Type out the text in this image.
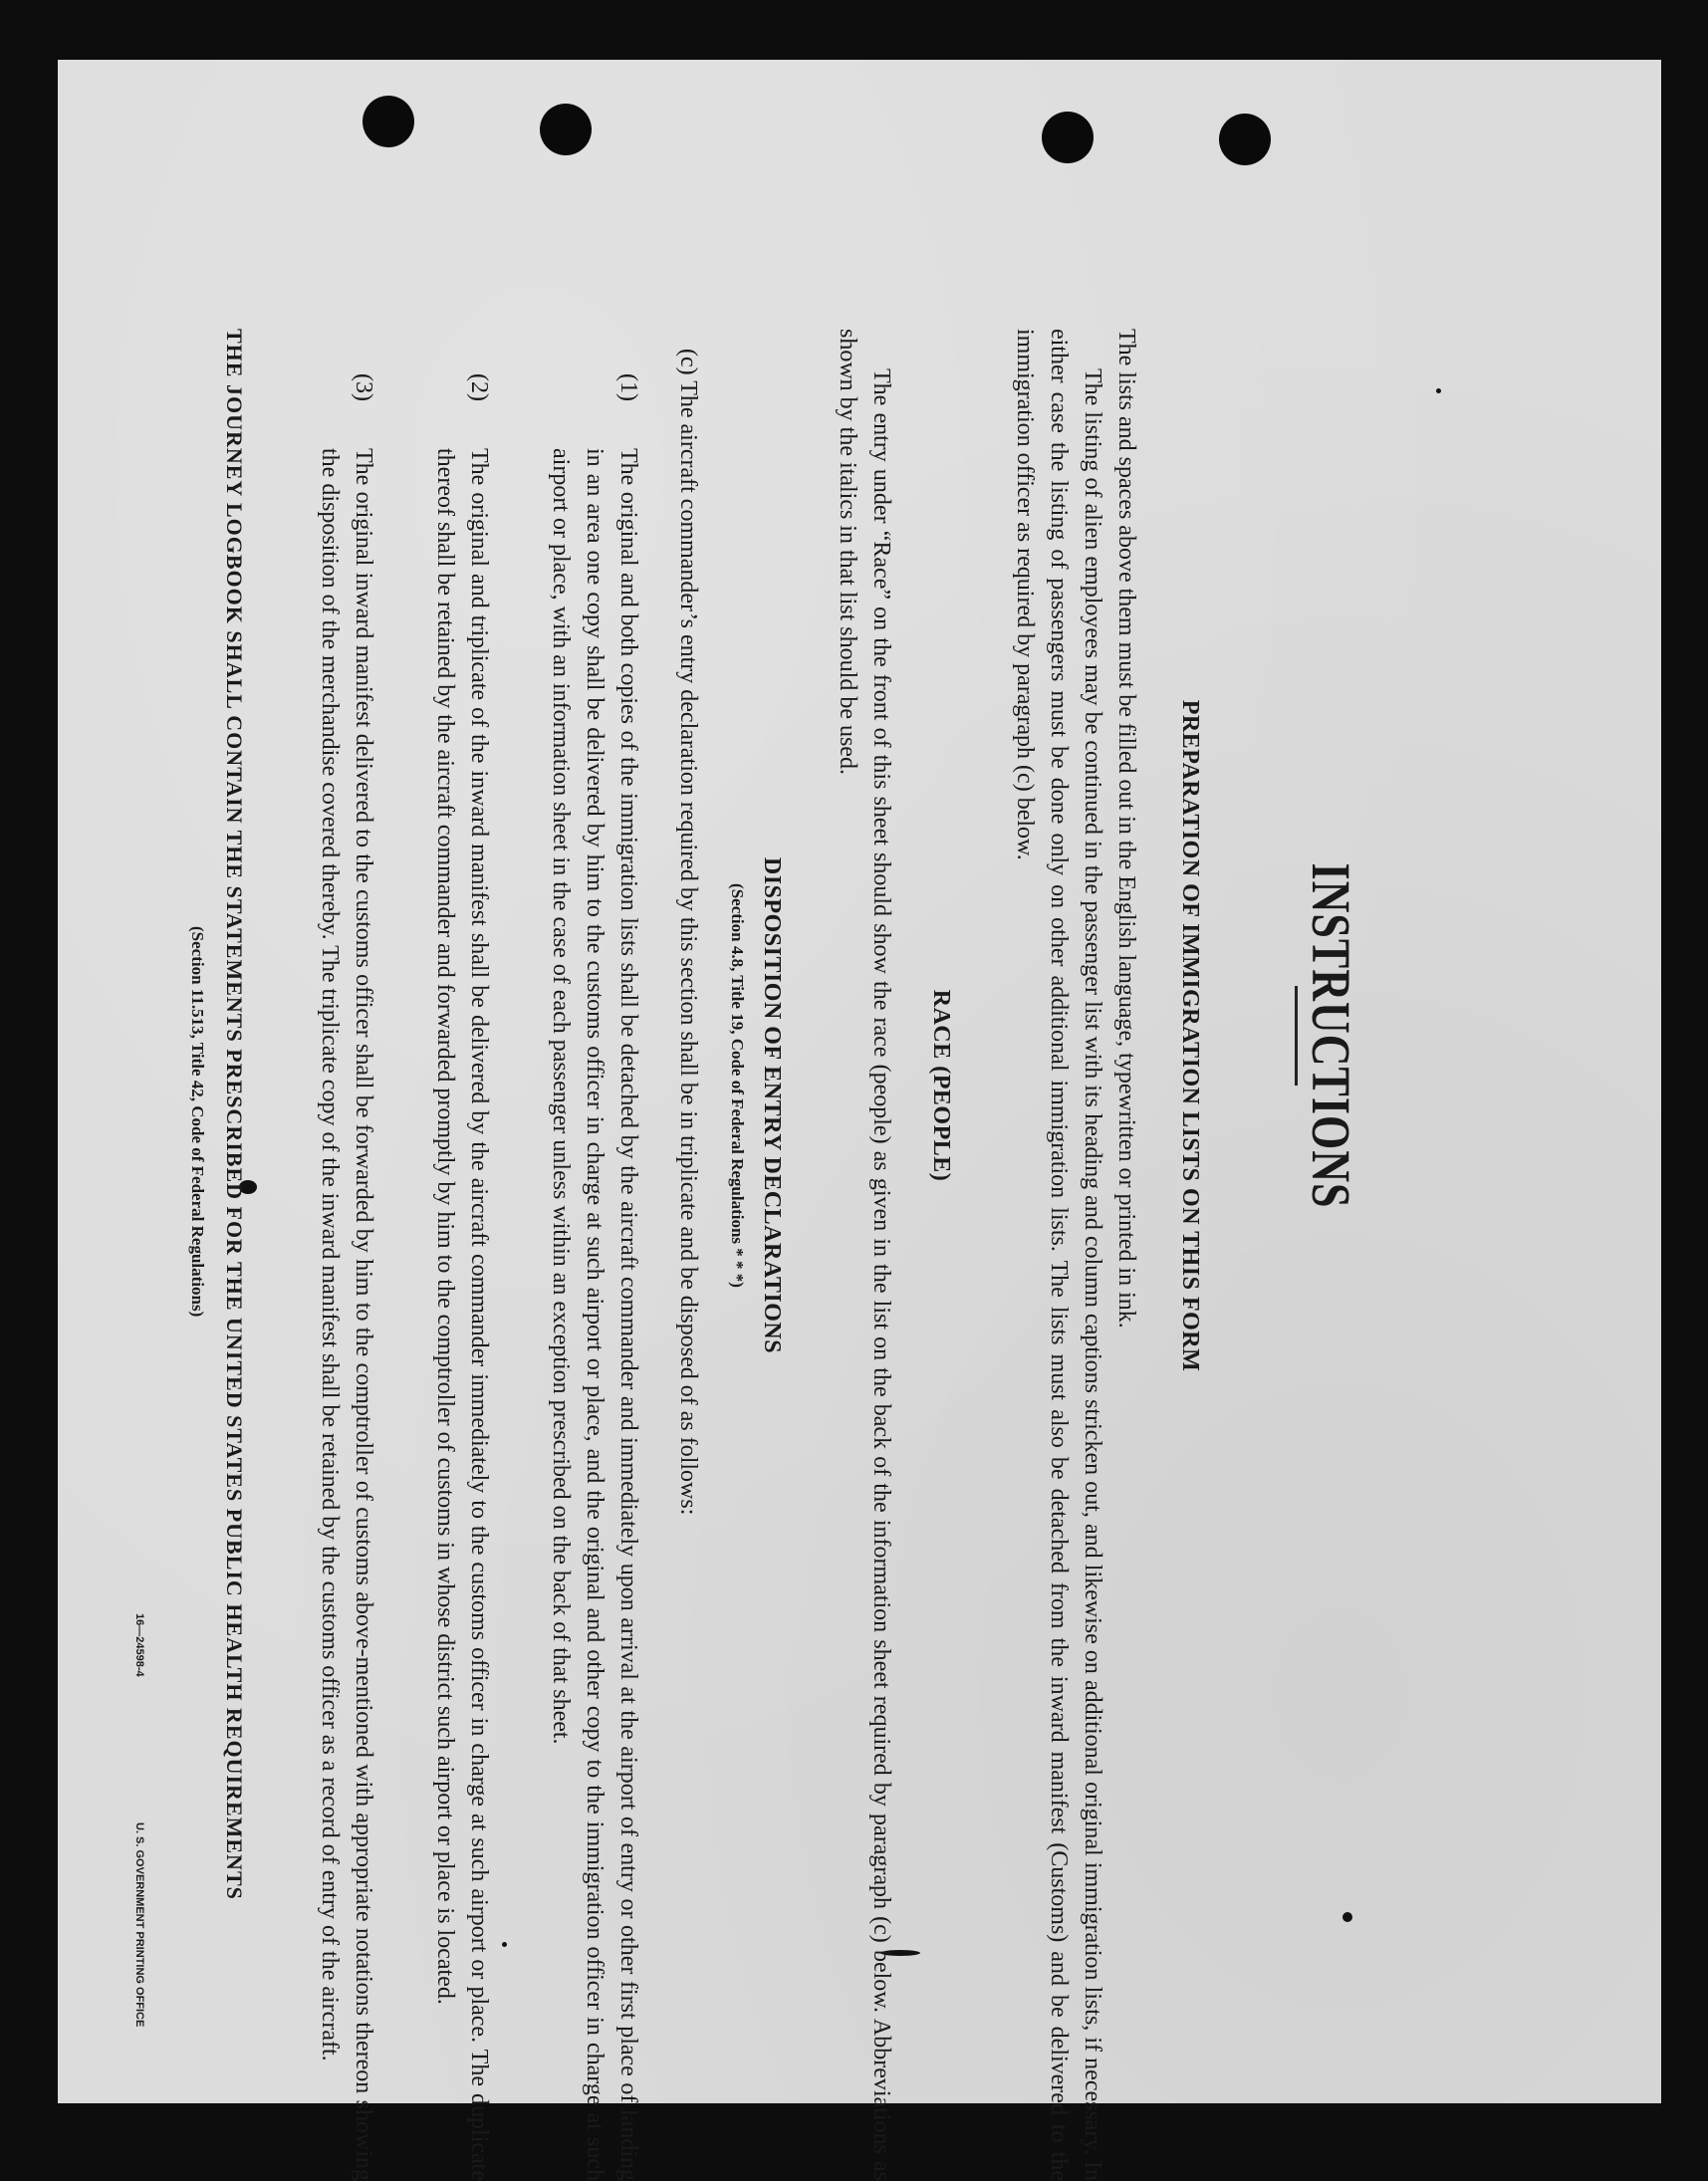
INSTRUCTIONS
PREPARATION OF IMMIGRATION LISTS ON THIS FORM
The lists and spaces above them must be filled out in the English language, typewritten or printed in ink.
The listing of alien employees may be continued in the passenger list with its heading and column captions stricken out, and likewise on additional original immigration lists, if necessary. In either case the listing of passengers must be done only on other additional immigration lists. The lists must also be detached from the inward manifest (Customs) and be delivered to the immigration officer as required by paragraph (c) below.
RACE (PEOPLE)
The entry under “Race” on the front of this sheet should show the race (people) as given in the list on the back of the information sheet required by paragraph (c) below. Abbreviations as shown by the italics in that list should be used.
DISPOSITION OF ENTRY DECLARATIONS
(Section 4.8, Title 19, Code of Federal Regulations * * *)
(c) The aircraft commander’s entry declaration required by this section shall be in triplicate and be disposed of as follows:
(1)
The original and both copies of the immigration lists shall be detached by the aircraft commander and immediately upon arrival at the airport of entry or other first place of landing in an area one copy shall be delivered by him to the customs officer in charge at such airport or place, and the original and other copy to the immigration officer in charge at such airport or place, with an information sheet in the case of each passenger unless within an exception prescribed on the back of that sheet.
(2)
The original and triplicate of the inward manifest shall be delivered by the aircraft commander immediately to the customs officer in charge at such airport or place. The duplicate thereof shall be retained by the aircraft commander and forwarded promptly by him to the comptroller of customs in whose district such airport or place is located.
(3)
The original inward manifest delivered to the customs officer shall be forwarded by him to the comptroller of customs above-mentioned with appropriate notations thereon showing the disposition of the merchandise covered thereby. The triplicate copy of the inward manifest shall be retained by the customs officer as a record of entry of the aircraft.
THE JOURNEY LOGBOOK SHALL CONTAIN THE STATEMENTS PRESCRIBED FOR THE UNITED STATES PUBLIC HEALTH REQUIREMENTS
(Section 11.513, Title 42, Code of Federal Regulations)
16—24598-4
U. S. GOVERNMENT PRINTING OFFICE
